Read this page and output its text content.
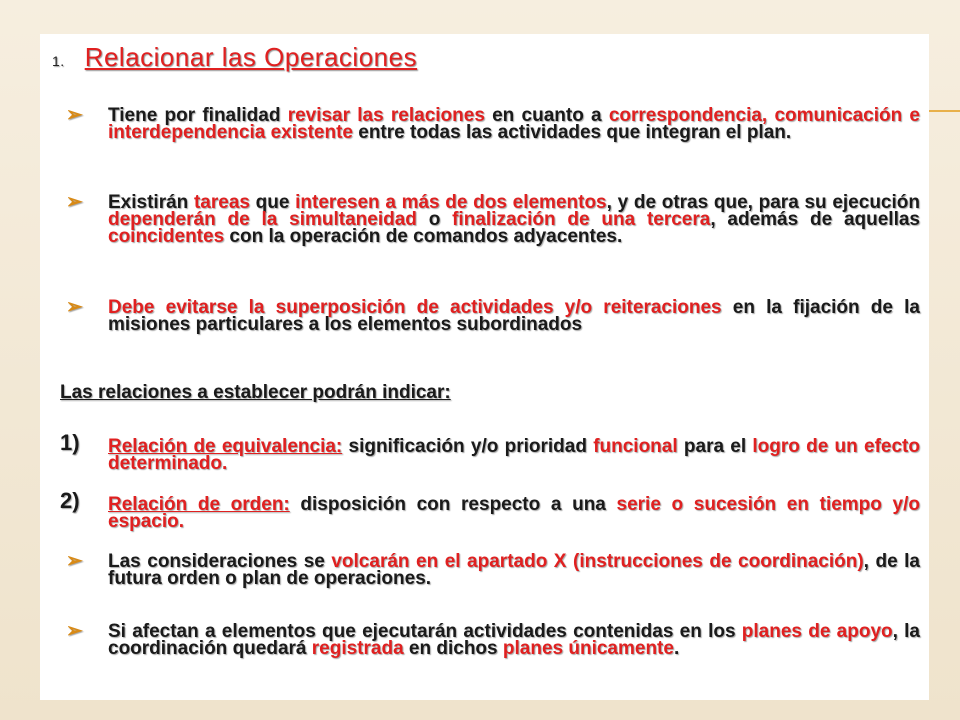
1. Relacionar las Operaciones
➢ Tiene por finalidad revisar las relaciones en cuanto a correspondencia, comunicación e interdependencia existente entre todas las actividades que integran el plan.
➢ Existirán tareas que interesen a más de dos elementos, y de otras que, para su ejecución dependerán de la simultaneidad o finalización de una tercera, además de aquellas coincidentes con la operación de comandos adyacentes.
➢ Debe evitarse la superposición de actividades y/o reiteraciones en la fijación de la misiones particulares a los elementos subordinados
Las relaciones a establecer podrán indicar:
1) Relación de equivalencia: significación y/o prioridad funcional para el logro de un efecto determinado.
2) Relación de orden: disposición con respecto a una serie o sucesión en tiempo y/o espacio.
➢ Las consideraciones se volcarán en el apartado X (instrucciones de coordinación), de la futura orden o plan de operaciones.
➢ Si afectan a elementos que ejecutarán actividades contenidas en los planes de apoyo, la coordinación quedará registrada en dichos planes únicamente.
